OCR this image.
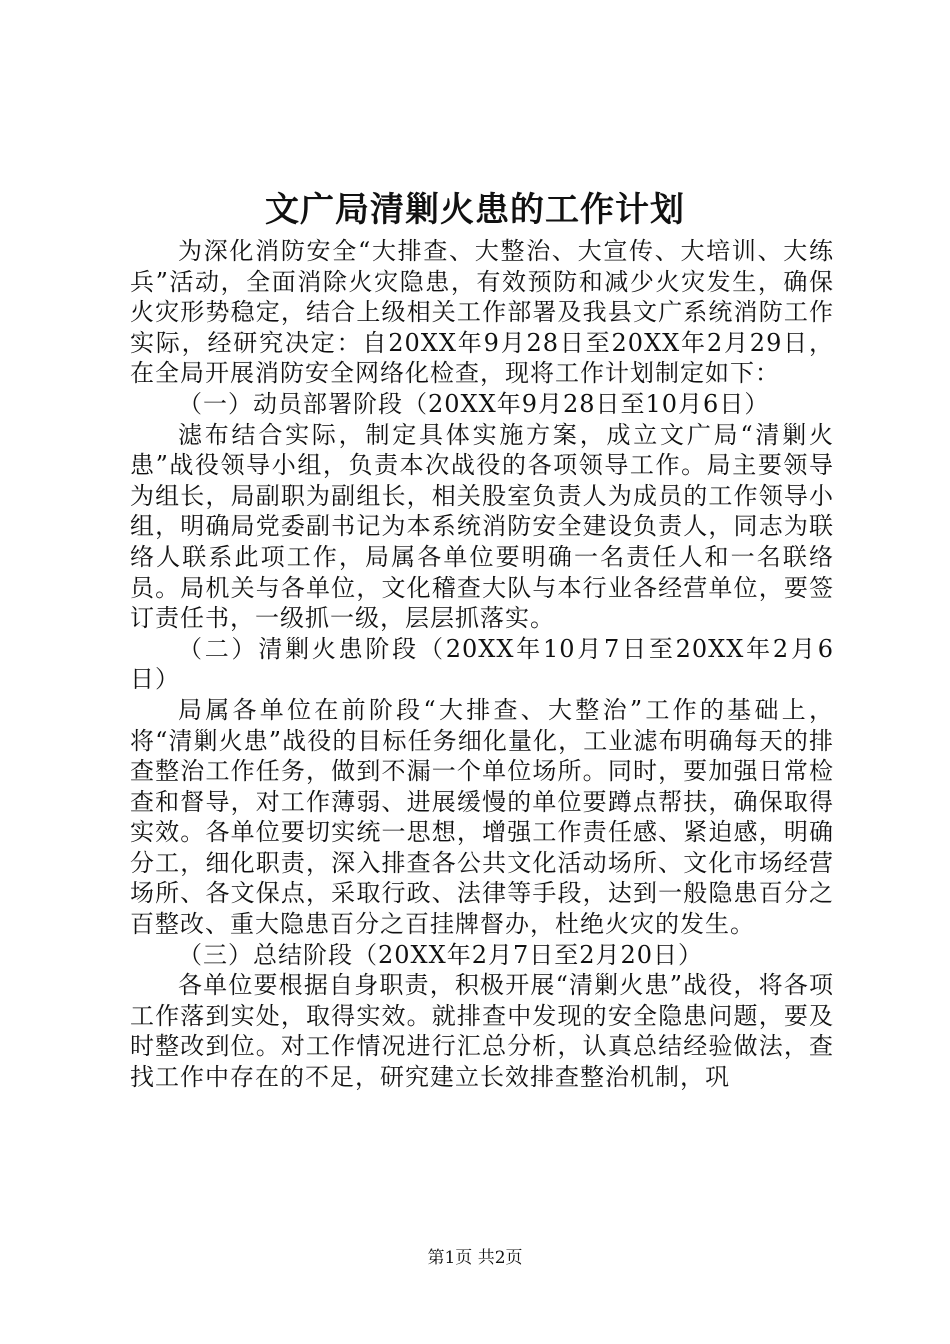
文广局清剿火患的工作计划

为深化消防安全“大排查、大整治、大宣传、大培训、大练兵”活动，全面消除火灾隐患，有效预防和减少火灾发生，确保火灾形势稳定，结合上级相关工作部署及我县文广系统消防工作实际，经研究决定：自20XX年9月28日至20XX年2月29日，在全局开展消防安全网络化检查，现将工作计划制定如下：

（一）动员部署阶段（20XX年9月28日至10月6日）

滤布结合实际，制定具体实施方案，成立文广局“清剿火患”战役领导小组，负责本次战役的各项领导工作。局主要领导为组长，局副职为副组长，相关股室负责人为成员的工作领导小组，明确局党委副书记为本系统消防安全建设负责人，同志为联络人联系此项工作，局属各单位要明确一名责任人和一名联络员。局机关与各单位，文化稽查大队与本行业各经营单位，要签订责任书，一级抓一级，层层抓落实。

（二）清剿火患阶段（20XX年10月7日至20XX年2月6日）

局属各单位在前阶段“大排查、大整治”工作的基础上，将“清剿火患”战役的目标任务细化量化，工业滤布明确每天的排查整治工作任务，做到不漏一个单位场所。同时，要加强日常检查和督导，对工作薄弱、进展缓慢的单位要蹲点帮扶，确保取得实效。各单位要切实统一思想，增强工作责任感、紧迫感，明确分工，细化职责，深入排查各公共文化活动场所、文化市场经营场所、各文保点，采取行政、法律等手段，达到一般隐患百分之百整改、重大隐患百分之百挂牌督办，杜绝火灾的发生。

（三）总结阶段（20XX年2月7日至2月20日）

各单位要根据自身职责，积极开展“清剿火患”战役，将各项工作落到实处，取得实效。就排查中发现的安全隐患问题，要及时整改到位。对工作情况进行汇总分析，认真总结经验做法，查找工作中存在的不足，研究建立长效排查整治机制，巩

第1页 共2页
